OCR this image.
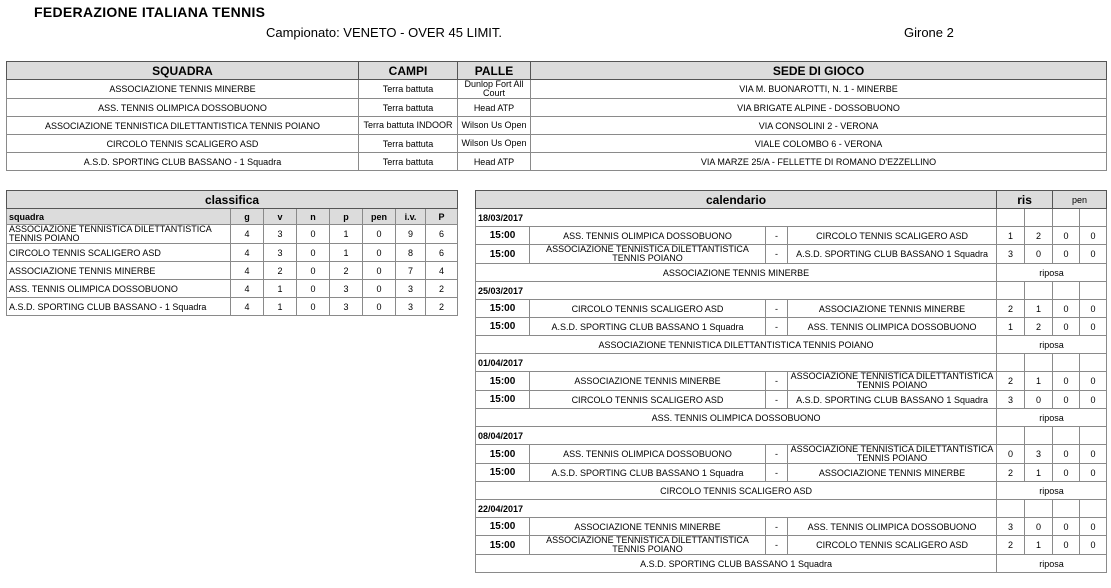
FEDERAZIONE ITALIANA TENNIS
Campionato: VENETO - OVER 45 LIMIT.	Girone 2
SQUADRA	CAMPI	PALLE	SEDE DI GIOCO
ASSOCIAZIONE TENNIS MINERBE	Terra battuta	Dunlop Fort All Court	VIA M. BUONAROTTI, N. 1 - MINERBE
ASS. TENNIS OLIMPICA DOSSOBUONO	Terra battuta	Head ATP	VIA BRIGATE ALPINE - DOSSOBUONO
ASSOCIAZIONE TENNISTICA DILETTANTISTICA TENNIS POIANO	Terra battuta INDOOR	Wilson Us Open	VIA CONSOLINI 2 - VERONA
CIRCOLO TENNIS SCALIGERO ASD	Terra battuta	Wilson Us Open	VIALE COLOMBO 6 - VERONA
A.S.D. SPORTING CLUB BASSANO - 1 Squadra	Terra battuta	Head ATP	VIA MARZE 25/A - FELLETTE DI ROMANO D'EZZELLINO
classifica							
squadra	g	v	n	p	pen	i.v.	P
ASSOCIAZIONE TENNISTICA DILETTANTISTICA TENNIS POIANO	4	3	0	1	0	9	6
CIRCOLO TENNIS SCALIGERO ASD	4	3	0	1	0	8	6
ASSOCIAZIONE TENNIS MINERBE	4	2	0	2	0	7	4
ASS. TENNIS OLIMPICA DOSSOBUONO	4	1	0	3	0	3	2
A.S.D. SPORTING CLUB BASSANO - 1 Squadra	4	1	0	3	0	3	2
calendario				ris		pen	
18/03/2017							
15:00	ASS. TENNIS OLIMPICA DOSSOBUONO	-	CIRCOLO TENNIS SCALIGERO ASD	1	2	0	0
15:00	ASSOCIAZIONE TENNISTICA DILETTANTISTICA TENNIS POIANO	-	A.S.D. SPORTING CLUB BASSANO 1 Squadra	3	0	0	0
ASSOCIAZIONE TENNIS MINERBE				riposa			
25/03/2017							
15:00	CIRCOLO TENNIS SCALIGERO ASD	-	ASSOCIAZIONE TENNIS MINERBE	2	1	0	0
15:00	A.S.D. SPORTING CLUB BASSANO 1 Squadra	-	ASS. TENNIS OLIMPICA DOSSOBUONO	1	2	0	0
ASSOCIAZIONE TENNISTICA DILETTANTISTICA TENNIS POIANO				riposa			
01/04/2017							
15:00	ASSOCIAZIONE TENNIS MINERBE	-	ASSOCIAZIONE TENNISTICA DILETTANTISTICA TENNIS POIANO	2	1	0	0
15:00	CIRCOLO TENNIS SCALIGERO ASD	-	A.S.D. SPORTING CLUB BASSANO 1 Squadra	3	0	0	0
ASS. TENNIS OLIMPICA DOSSOBUONO				riposa			
08/04/2017							
15:00	ASS. TENNIS OLIMPICA DOSSOBUONO	-	ASSOCIAZIONE TENNISTICA DILETTANTISTICA TENNIS POIANO	0	3	0	0
15:00	A.S.D. SPORTING CLUB BASSANO 1 Squadra	-	ASSOCIAZIONE TENNIS MINERBE	2	1	0	0
CIRCOLO TENNIS SCALIGERO ASD				riposa			
22/04/2017							
15:00	ASSOCIAZIONE TENNIS MINERBE	-	ASS. TENNIS OLIMPICA DOSSOBUONO	3	0	0	0
15:00	ASSOCIAZIONE TENNISTICA DILETTANTISTICA TENNIS POIANO	-	CIRCOLO TENNIS SCALIGERO ASD	2	1	0	0
A.S.D. SPORTING CLUB BASSANO 1 Squadra				riposa			
